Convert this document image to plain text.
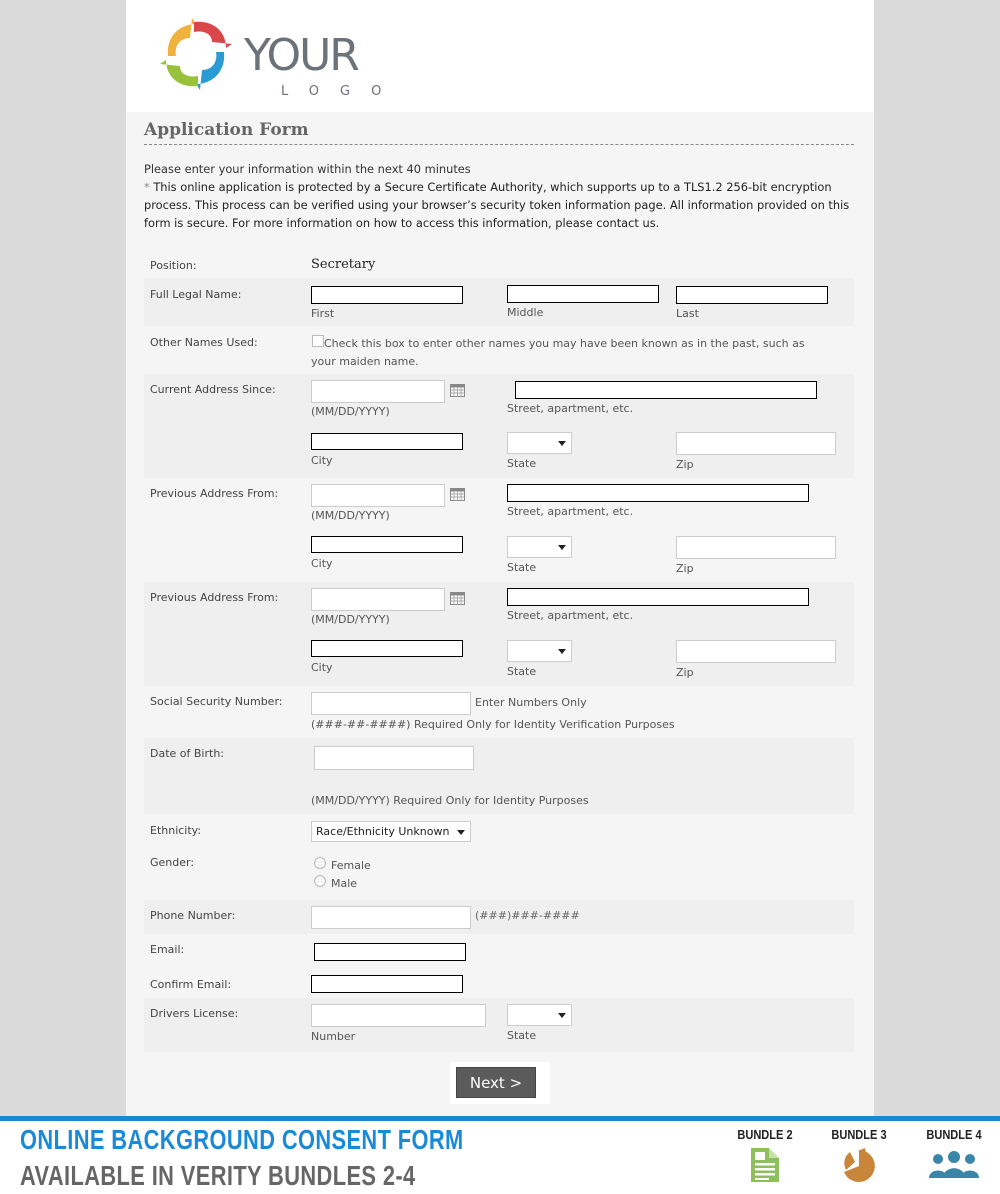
YOUR
LOGO
Application Form
Please enter your information within the next 40 minutes
* This online application is protected by a Secure Certificate Authority, which supports up to a TLS1.2 256-bit encryption process. This process can be verified using your browser’s security token information page. All information provided on this form is secure. For more information on how to access this information, please contact us.
Position:	Secretary
Full Legal Name:
First	Middle	Last
Other Names Used:	Check this box to enter other names you may have been known as in the past, such as your maiden name.
Current Address Since:
(MM/DD/YYYY)	Street, apartment, etc.
City	State	Zip
Previous Address From:
(MM/DD/YYYY)	Street, apartment, etc.
City	State	Zip
Previous Address From:
(MM/DD/YYYY)	Street, apartment, etc.
City	State	Zip
Social Security Number:	Enter Numbers Only
(###-##-####) Required Only for Identity Verification Purposes
Date of Birth:
(MM/DD/YYYY) Required Only for Identity Purposes
Ethnicity:	Race/Ethnicity Unknown
Gender:	Female
Male
Phone Number:	(###)###-####
Email:
Confirm Email:
Drivers License:
Number	State
Next >
ONLINE BACKGROUND CONSENT FORM
AVAILABLE IN VERITY BUNDLES 2-4
BUNDLE 2	BUNDLE 3	BUNDLE 4
